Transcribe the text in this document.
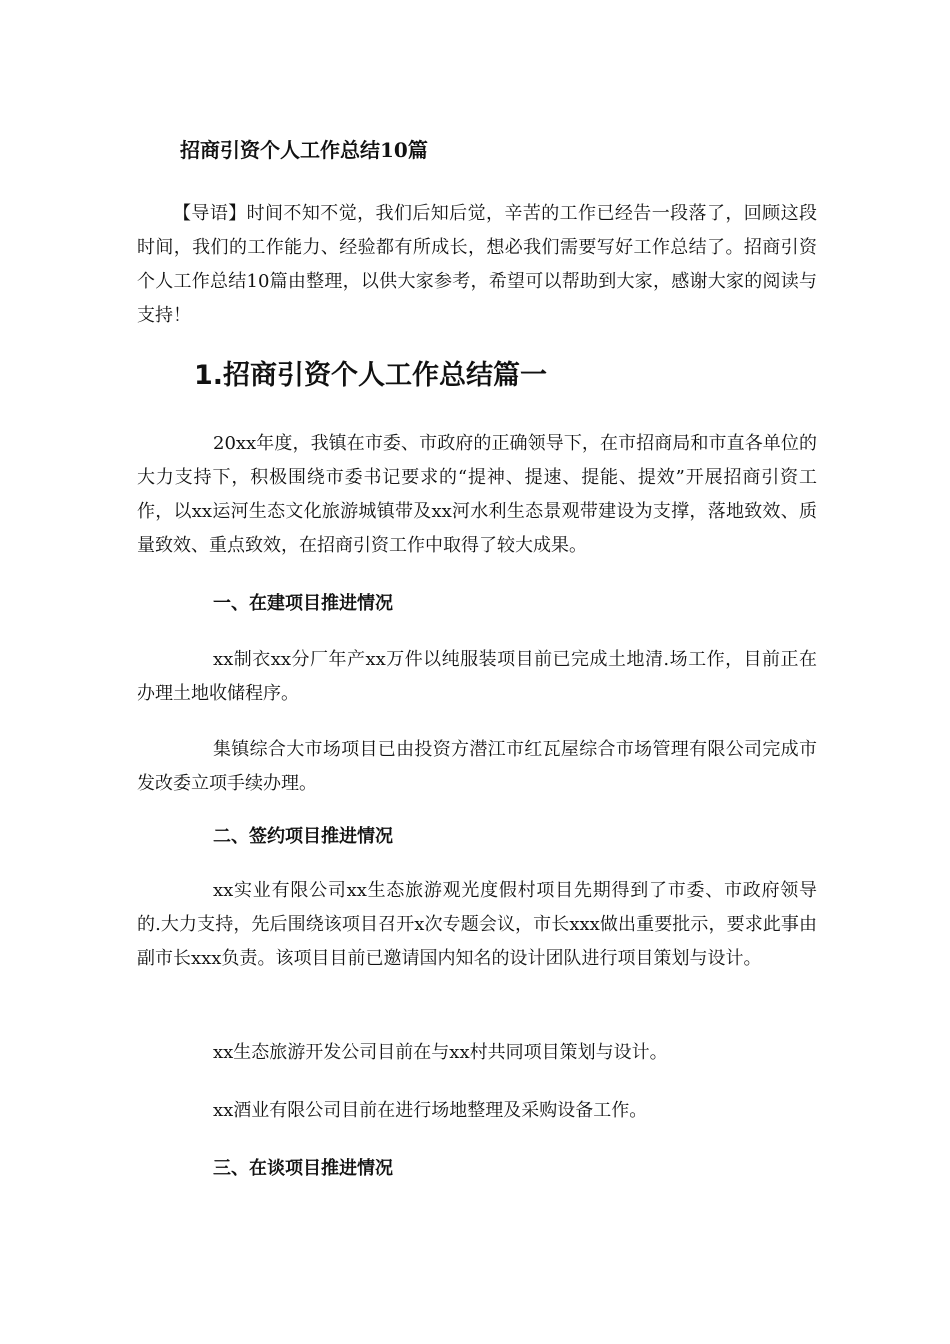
招商引资个人工作总结10篇

【导语】时间不知不觉，我们后知后觉，辛苦的工作已经告一段落了，回顾这段时间，我们的工作能力、经验都有所成长，想必我们需要写好工作总结了。招商引资个人工作总结10篇由整理，以供大家参考，希望可以帮助到大家，感谢大家的阅读与支持！

1.招商引资个人工作总结篇一

20xx年度，我镇在市委、市政府的正确领导下，在市招商局和市直各单位的大力支持下，积极围绕市委书记要求的“提神、提速、提能、提效”开展招商引资工作，以xx运河生态文化旅游城镇带及xx河水利生态景观带建设为支撑，落地致效、质量致效、重点致效，在招商引资工作中取得了较大成果。

一、在建项目推进情况

xx制衣xx分厂年产xx万件以纯服装项目前已完成土地清.场工作，目前正在办理土地收储程序。

集镇综合大市场项目已由投资方潜江市红瓦屋综合市场管理有限公司完成市发改委立项手续办理。

二、签约项目推进情况

xx实业有限公司xx生态旅游观光度假村项目先期得到了市委、市政府领导的.大力支持，先后围绕该项目召开x次专题会议，市长xxx做出重要批示，要求此事由副市长xxx负责。该项目目前已邀请国内知名的设计团队进行项目策划与设计。

xx生态旅游开发公司目前在与xx村共同项目策划与设计。

xx酒业有限公司目前在进行场地整理及采购设备工作。

三、在谈项目推进情况
